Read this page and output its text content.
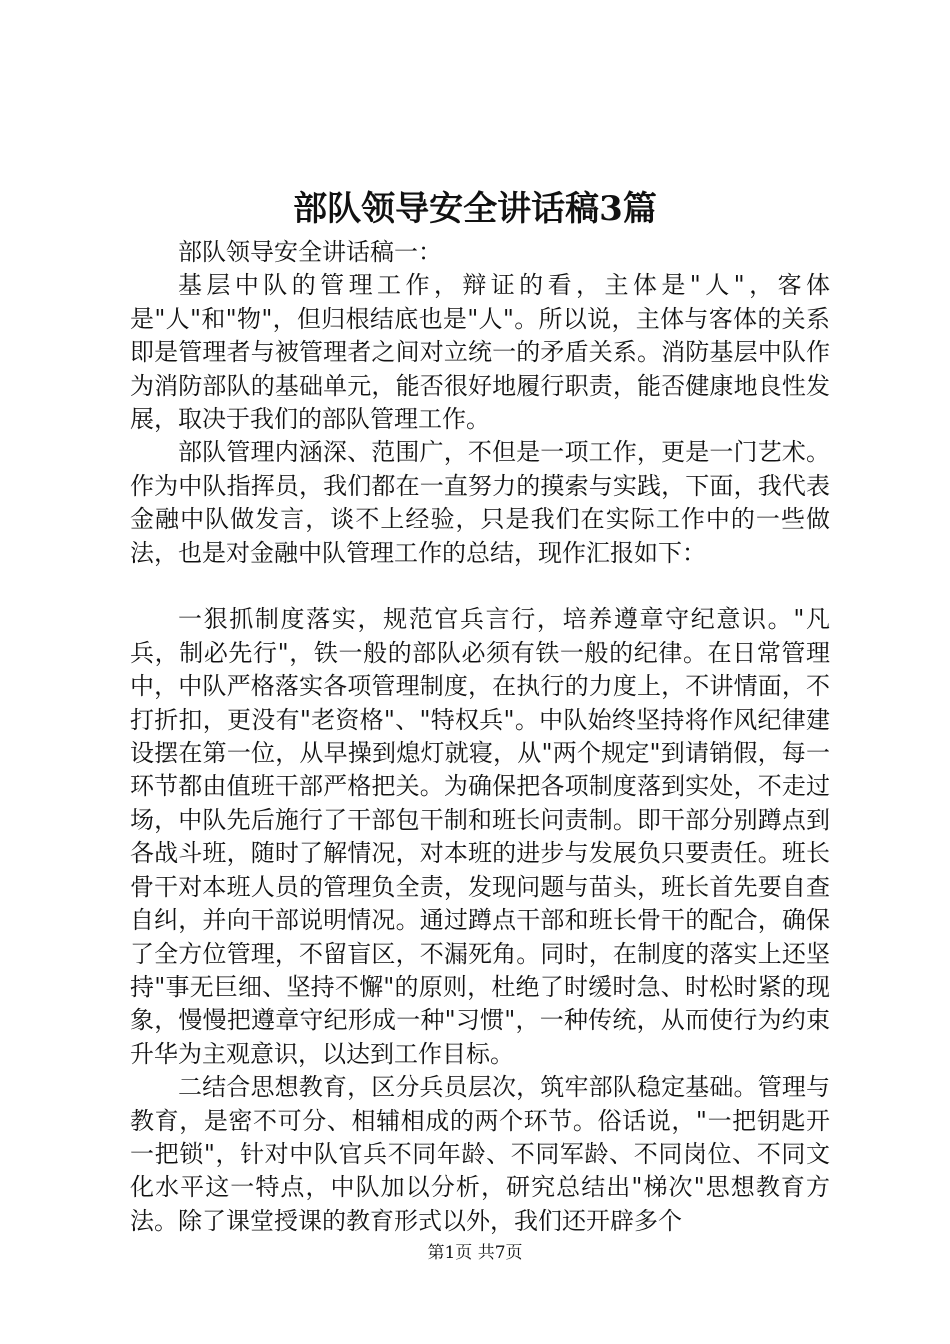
部队领导安全讲话稿3篇

部队领导安全讲话稿一：

基层中队的管理工作，辩证的看，主体是"人"，客体是"人"和"物"，但归根结底也是"人"。所以说，主体与客体的关系即是管理者与被管理者之间对立统一的矛盾关系。消防基层中队作为消防部队的基础单元，能否很好地履行职责，能否健康地良性发展，取决于我们的部队管理工作。

部队管理内涵深、范围广，不但是一项工作，更是一门艺术。作为中队指挥员，我们都在一直努力的摸索与实践，下面，我代表金融中队做发言，谈不上经验，只是我们在实际工作中的一些做法，也是对金融中队管理工作的总结，现作汇报如下：

一狠抓制度落实，规范官兵言行，培养遵章守纪意识。"凡兵，制必先行"，铁一般的部队必须有铁一般的纪律。在日常管理中，中队严格落实各项管理制度，在执行的力度上，不讲情面，不打折扣，更没有"老资格"、"特权兵"。中队始终坚持将作风纪律建设摆在第一位，从早操到熄灯就寝，从"两个规定"到请销假，每一环节都由值班干部严格把关。为确保把各项制度落到实处，不走过场，中队先后施行了干部包干制和班长问责制。即干部分别蹲点到各战斗班，随时了解情况，对本班的进步与发展负只要责任。班长骨干对本班人员的管理负全责，发现问题与苗头，班长首先要自查自纠，并向干部说明情况。通过蹲点干部和班长骨干的配合，确保了全方位管理，不留盲区，不漏死角。同时，在制度的落实上还坚持"事无巨细、坚持不懈"的原则，杜绝了时缓时急、时松时紧的现象，慢慢把遵章守纪形成一种"习惯"，一种传统，从而使行为约束升华为主观意识，以达到工作目标。

二结合思想教育，区分兵员层次，筑牢部队稳定基础。管理与教育，是密不可分、相辅相成的两个环节。俗话说，"一把钥匙开一把锁"，针对中队官兵不同年龄、不同军龄、不同岗位、不同文化水平这一特点，中队加以分析，研究总结出"梯次"思想教育方法。除了课堂授课的教育形式以外，我们还开辟多个

第1页 共7页
